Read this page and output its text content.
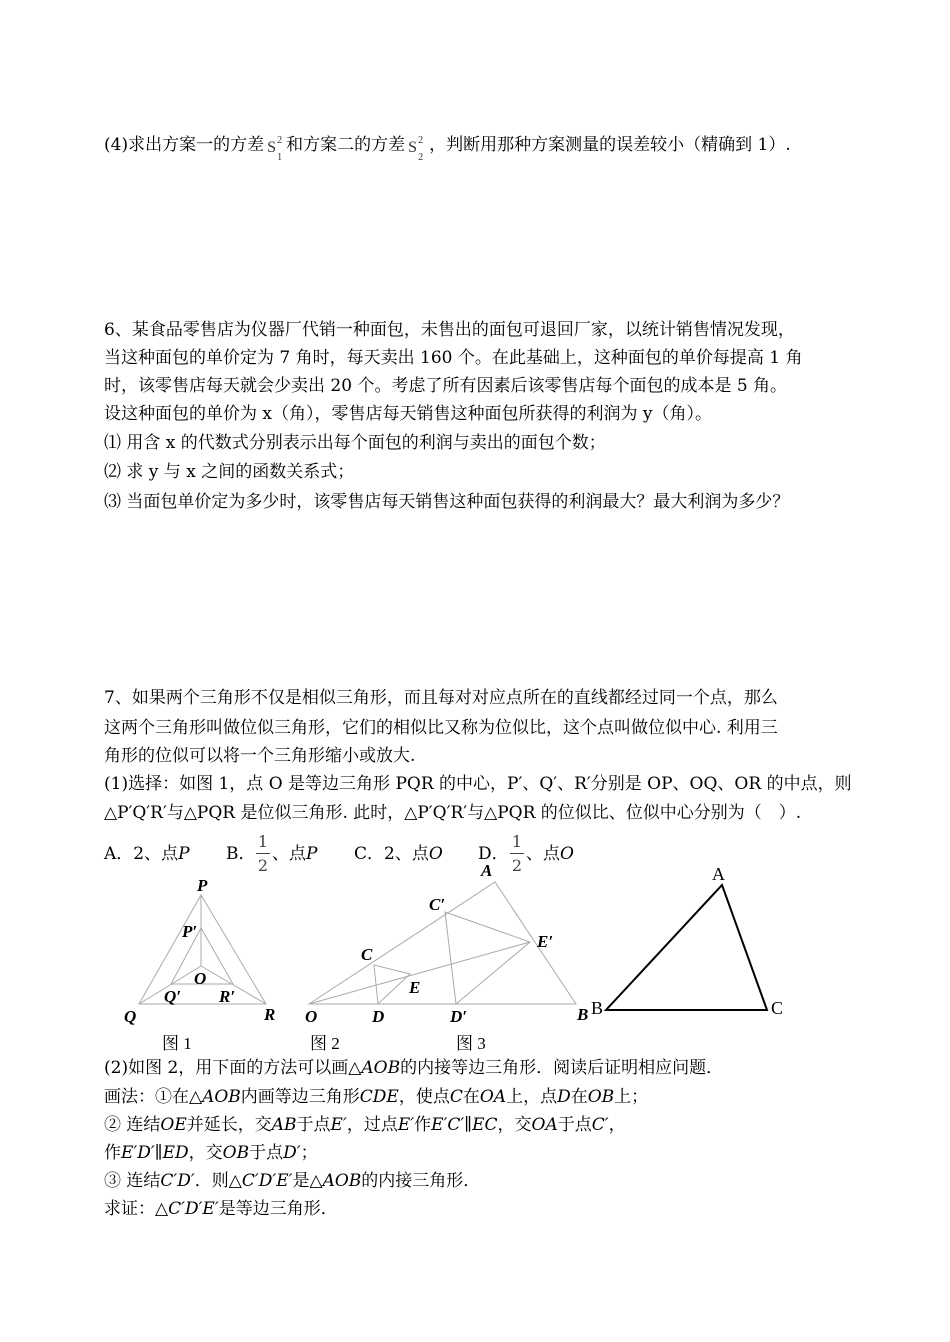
(4)求出方案一的方差 S 2
1
和方案二的方差 S 2
2
，判断用那种方案测量的误差较小（精确到 1）.
6、某食品零售店为仪器厂代销一种面包，未售出的面包可退回厂家，以统计销售情况发现，
当这种面包的单价定为 7 角时，每天卖出 160 个。在此基础上，这种面包的单价每提高 1 角
时，该零售店每天就会少卖出 20 个。考虑了所有因素后该零售店每个面包的成本是 5 角。
设这种面包的单价为 x（角），零售店每天销售这种面包所获得的利润为 y（角）。
⑴ 用含 x 的代数式分别表示出每个面包的利润与卖出的面包个数；
⑵ 求 y 与 x 之间的函数关系式；
⑶ 当面包单价定为多少时，该零售店每天销售这种面包获得的利润最大？最大利润为多少？
7、如果两个三角形不仅是相似三角形，而且每对对应点所在的直线都经过同一个点，那么
这两个三角形叫做位似三角形，它们的相似比又称为位似比，这个点叫做位似中心. 利用三
角形的位似可以将一个三角形缩小或放大.
(1)选择：如图 1，点 O 是等边三角形 PQR 的中心，P′、Q′、R′分别是 OP、OQ、OR 的中点，则
△P′Q′R′与△PQR 是位似三角形. 此时，△P′Q′R′与△PQR 的位似比、位似中心分别为（　）.
A．2、点P B．
1
2
、点P C．2、点O D．
1
2
、点O
P
P′
O
Q′ R′
Q	R
A
C′
E′
C
E
O	D	D′	B
A
B	C
图 1	图 2	图 3
(2)如图 2，用下面的方法可以画△AOB的内接等边三角形．阅读后证明相应问题．
画法：①在△AOB内画等边三角形CDE，使点C在OA上，点D在OB上；
② 连结OE并延长，交AB于点E′，过点E′作E′C′∥EC，交OA于点C′，
作E′D′∥ED，交OB于点D′；
③ 连结C′D′．则△C′D′E′是△AOB的内接三角形．
求证：△C′D′E′是等边三角形．
